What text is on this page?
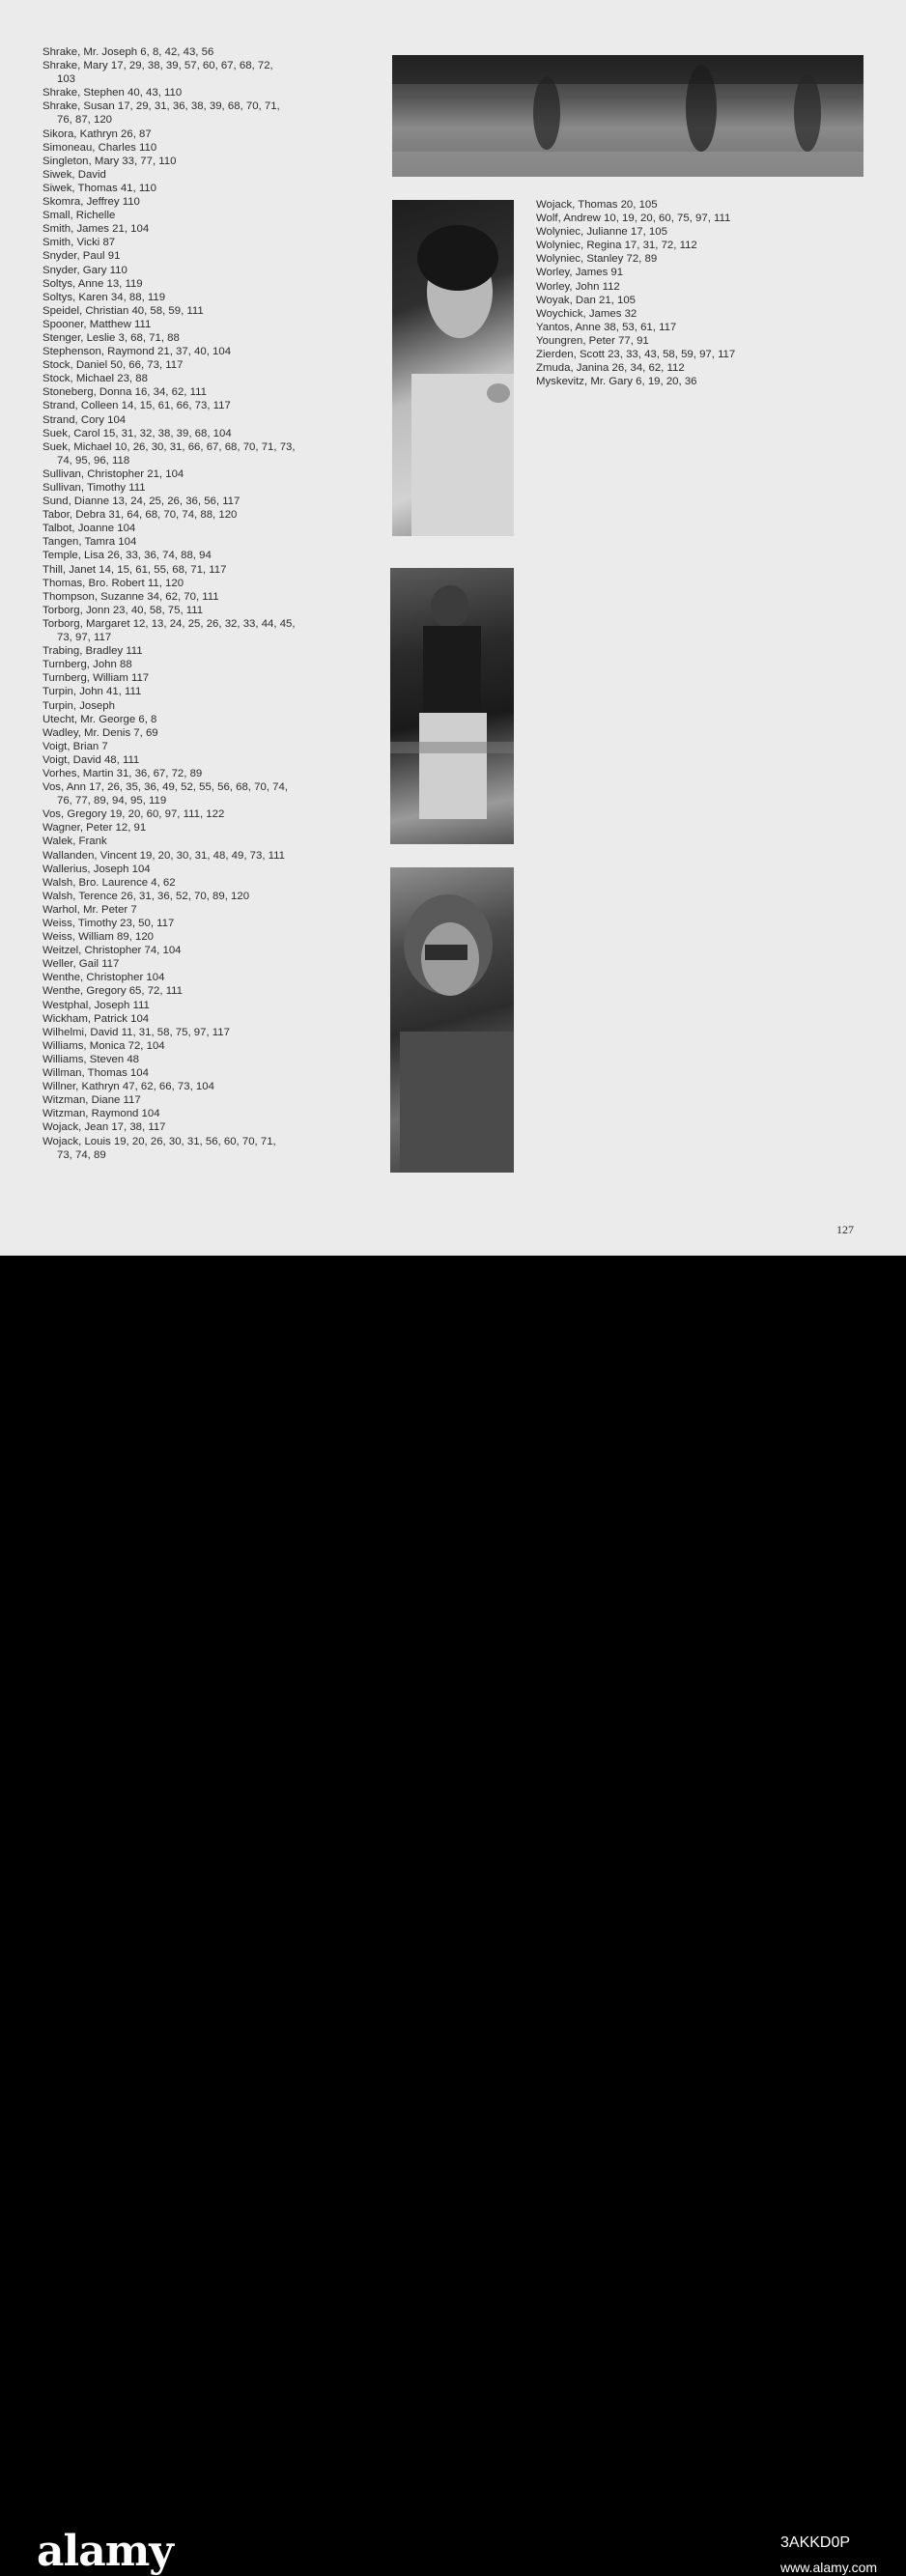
Shrake, Mr. Joseph 6, 8, 42, 43, 56
Shrake, Mary 17, 29, 38, 39, 57, 60, 67, 68, 72,
103
Shrake, Stephen 40, 43, 110
Shrake, Susan 17, 29, 31, 36, 38, 39, 68, 70, 71,
76, 87, 120
Sikora, Kathryn 26, 87
Simoneau, Charles 110
Singleton, Mary 33, 77, 110
Siwek, David
Siwek, Thomas 41, 110
Skomra, Jeffrey 110
Small, Richelle
Smith, James 21, 104
Smith, Vicki 87
Snyder, Paul 91
Snyder, Gary 110
Soltys, Anne 13, 119
Soltys, Karen 34, 88, 119
Speidel, Christian 40, 58, 59, 111
Spooner, Matthew 111
Stenger, Leslie 3, 68, 71, 88
Stephenson, Raymond 21, 37, 40, 104
Stock, Daniel 50, 66, 73, 117
Stock, Michael 23, 88
Stoneberg, Donna 16, 34, 62, 111
Strand, Colleen 14, 15, 61, 66, 73, 117
Strand, Cory 104
Suek, Carol 15, 31, 32, 38, 39, 68, 104
Suek, Michael 10, 26, 30, 31, 66, 67, 68, 70, 71, 73,
74, 95, 96, 118
Sullivan, Christopher 21, 104
Sullivan, Timothy 111
Sund, Dianne 13, 24, 25, 26, 36, 56, 117
Tabor, Debra 31, 64, 68, 70, 74, 88, 120
Talbot, Joanne 104
Tangen, Tamra 104
Temple, Lisa 26, 33, 36, 74, 88, 94
Thill, Janet 14, 15, 61, 55, 68, 71, 117
Thomas, Bro. Robert 11, 120
Thompson, Suzanne 34, 62, 70, 111
Torborg, Jonn 23, 40, 58, 75, 111
Torborg, Margaret 12, 13, 24, 25, 26, 32, 33, 44, 45,
73, 97, 117
Trabing, Bradley 111
Turnberg, John 88
Turnberg, William 117
Turpin, John 41, 111
Turpin, Joseph
Utecht, Mr. George 6, 8
Wadley, Mr. Denis 7, 69
Voigt, Brian 7
Voigt, David 48, 111
Vorhes, Martin 31, 36, 67, 72, 89
Vos, Ann 17, 26, 35, 36, 49, 52, 55, 56, 68, 70, 74,
76, 77, 89, 94, 95, 119
Vos, Gregory 19, 20, 60, 97, 111, 122
Wagner, Peter 12, 91
Walek, Frank
Wallanden, Vincent 19, 20, 30, 31, 48, 49, 73, 111
Wallerius, Joseph 104
Walsh, Bro. Laurence 4, 62
Walsh, Terence 26, 31, 36, 52, 70, 89, 120
Warhol, Mr. Peter 7
Weiss, Timothy 23, 50, 117
Weiss, William 89, 120
Weitzel, Christopher 74, 104
Weller, Gail 117
Wenthe, Christopher 104
Wenthe, Gregory 65, 72, 111
Westphal, Joseph 111
Wickham, Patrick 104
Wilhelmi, David 11, 31, 58, 75, 97, 117
Williams, Monica 72, 104
Williams, Steven 48
Willman, Thomas 104
Willner, Kathryn 47, 62, 66, 73, 104
Witzman, Diane 117
Witzman, Raymond 104
Wojack, Jean 17, 38, 117
Wojack, Louis 19, 20, 26, 30, 31, 56, 60, 70, 71,
73, 74, 89
Wojack, Thomas 20, 105
Wolf, Andrew 10, 19, 20, 60, 75, 97, 111
Wolyniec, Julianne 17, 105
Wolyniec, Regina 17, 31, 72, 112
Wolyniec, Stanley 72, 89
Worley, James 91
Worley, John 112
Woyak, Dan 21, 105
Woychick, James 32
Yantos, Anne 38, 53, 61, 117
Youngren, Peter 77, 91
Zierden, Scott 23, 33, 43, 58, 59, 97, 117
Zmuda, Janina 26, 34, 62, 112
Myskevitz, Mr. Gary 6, 19, 20, 36
127
alamy	3AKKD0P
www.alamy.com
